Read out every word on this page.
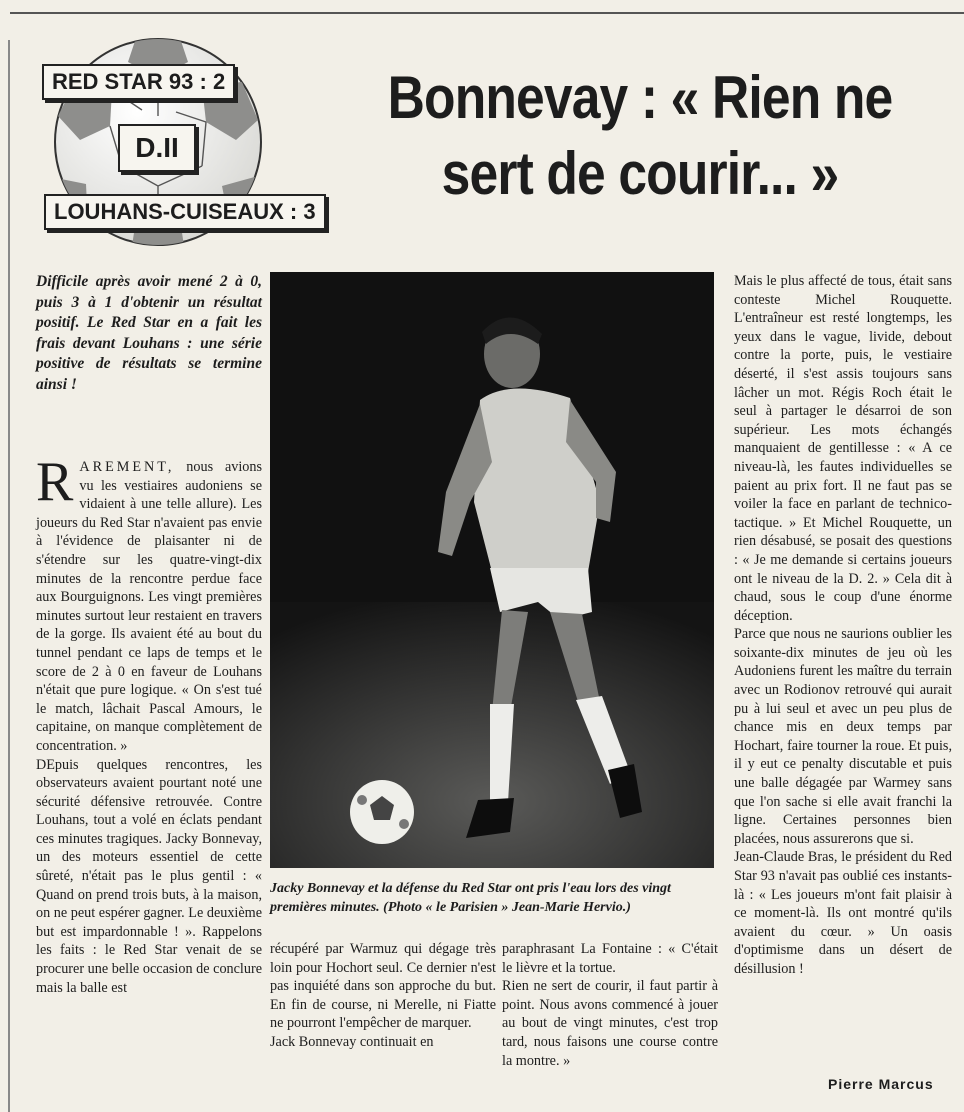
RED STAR 93 : 2
D.II
LOUHANS-CUISEAUX : 3
Bonnevay : « Rien ne
sert de courir... »
Difficile après avoir mené 2 à 0, puis 3 à 1 d'obtenir un résultat positif. Le Red Star en a fait les frais devant Louhans : une série positive de résultats se termine ainsi !

RAREMENT, nous avions vu les vestiaires audoniens se vidaient à une telle allure). Les joueurs du Red Star n'avaient pas envie à l'évidence de plaisanter ni de s'étendre sur les quatre-vingt-dix minutes de la rencontre perdue face aux Bourguignons. Les vingt premières minutes surtout leur restaient en travers de la gorge. Ils avaient été au bout du tunnel pendant ce laps de temps et le score de 2 à 0 en faveur de Louhans n'était que pure logique. « On s'est tué le match, lâchait Pascal Amours, le capitaine, on manque complètement de concentration. »

DEpuis quelques rencontres, les observateurs avaient pourtant noté une sécurité défensive retrouvée. Contre Louhans, tout a volé en éclats pendant ces minutes tragiques. Jacky Bonnevay, un des moteurs essentiel de cette sûreté, n'était pas le plus gentil : « Quand on prend trois buts, à la maison, on ne peut espérer gagner. Le deuxième but est impardonnable ! ». Rappelons les faits : le Red Star venait de se procurer une belle occasion de conclure mais la balle est

Jacky Bonnevay et la défense du Red Star ont pris l'eau lors des vingt premières minutes. (Photo « le Parisien » Jean-Marie Hervio.)

récupéré par Warmuz qui dégage très loin pour Hochort seul. Ce dernier n'est pas inquiété dans son approche du but. En fin de course, ni Merelle, ni Fiatte ne pourront l'empêcher de marquer.

Jack Bonnevay continuait en

paraphrasant La Fontaine : « C'était le lièvre et la tortue.

Rien ne sert de courir, il faut partir à point. Nous avons commencé à jouer au bout de vingt minutes, c'est trop tard, nous faisons une course contre la montre. »

Mais le plus affecté de tous, était sans conteste Michel Rouquette. L'entraîneur est resté longtemps, les yeux dans le vague, livide, debout contre la porte, puis, le vestiaire déserté, il s'est assis toujours sans lâcher un mot. Régis Roch était le seul à partager le désarroi de son supérieur. Les mots échangés manquaient de gentillesse : « A ce niveau-là, les fautes individuelles se paient au prix fort. Il ne faut pas se voiler la face en parlant de technico-tactique. » Et Michel Rouquette, un rien désabusé, se posait des questions : « Je me demande si certains joueurs ont le niveau de la D. 2. » Cela dit à chaud, sous le coup d'une énorme déception.

Parce que nous ne saurions oublier les soixante-dix minutes de jeu où les Audoniens furent les maître du terrain avec un Rodionov retrouvé qui aurait pu à lui seul et avec un peu plus de chance mis en deux temps par Hochart, faire tourner la roue. Et puis, il y eut ce penalty discutable et puis une balle dégagée par Warmey sans que l'on sache si elle avait franchi la ligne. Certaines personnes bien placées, nous assurerons que si.

Jean-Claude Bras, le président du Red Star 93 n'avait pas oublié ces instants-là : « Les joueurs m'ont fait plaisir à ce moment-là. Ils ont montré qu'ils avaient du cœur. » Un oasis d'optimisme dans un désert de désillusion !

Pierre Marcus
